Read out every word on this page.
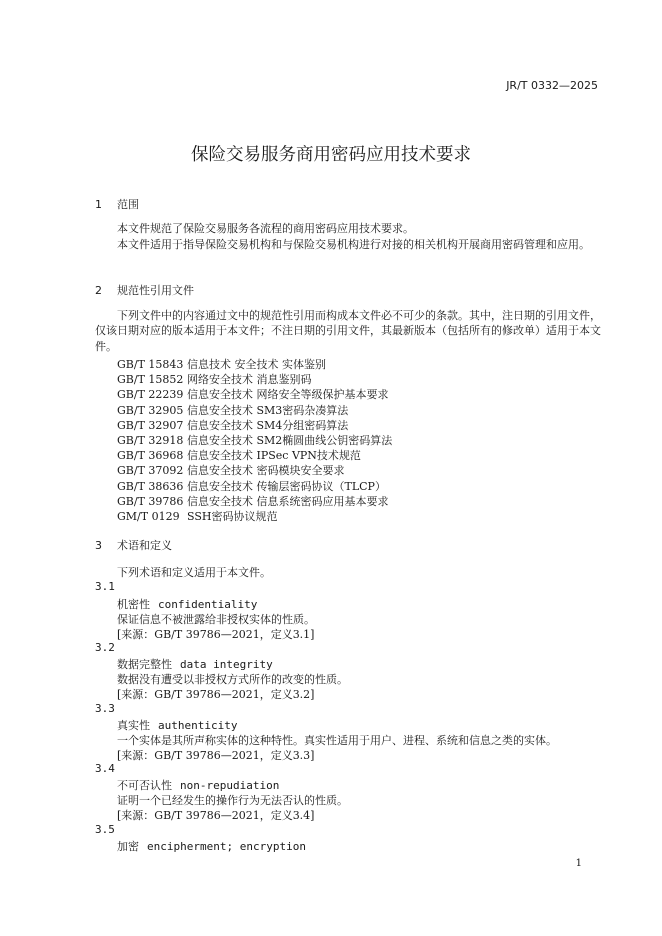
JR/T 0332—2025
保险交易服务商用密码应用技术要求
1 范围

本文件规范了保险交易服务各流程的商用密码应用技术要求。

本文件适用于指导保险交易机构和与保险交易机构进行对接的相关机构开展商用密码管理和应用。

2 规范性引用文件

下列文件中的内容通过文中的规范性引用而构成本文件必不可少的条款。其中，注日期的引用文件，仅该日期对应的版本适用于本文件；不注日期的引用文件，其最新版本（包括所有的修改单）适用于本文件。

GB/T 15843 信息技术 安全技术 实体鉴别
GB/T 15852 网络安全技术 消息鉴别码
GB/T 22239 信息安全技术 网络安全等级保护基本要求
GB/T 32905 信息安全技术 SM3密码杂凑算法
GB/T 32907 信息安全技术 SM4分组密码算法
GB/T 32918 信息安全技术 SM2椭圆曲线公钥密码算法
GB/T 36968 信息安全技术 IPSec VPN技术规范
GB/T 37092 信息安全技术 密码模块安全要求
GB/T 38636 信息安全技术 传输层密码协议（TLCP）
GB/T 39786 信息安全技术 信息系统密码应用基本要求
GM/T 0129 SSH密码协议规范
3 术语和定义
下列术语和定义适用于本文件。
3.1
机密性 confidentiality
保证信息不被泄露给非授权实体的性质。
[来源：GB/T 39786—2021，定义3.1]
3.2
数据完整性 data integrity
数据没有遭受以非授权方式所作的改变的性质。
[来源：GB/T 39786—2021，定义3.2]
3.3
真实性 authenticity
一个实体是其所声称实体的这种特性。真实性适用于用户、进程、系统和信息之类的实体。
[来源：GB/T 39786—2021，定义3.3]
3.4
不可否认性 non-repudiation
证明一个已经发生的操作行为无法否认的性质。
[来源：GB/T 39786—2021，定义3.4]
3.5
加密 encipherment; encryption
1
